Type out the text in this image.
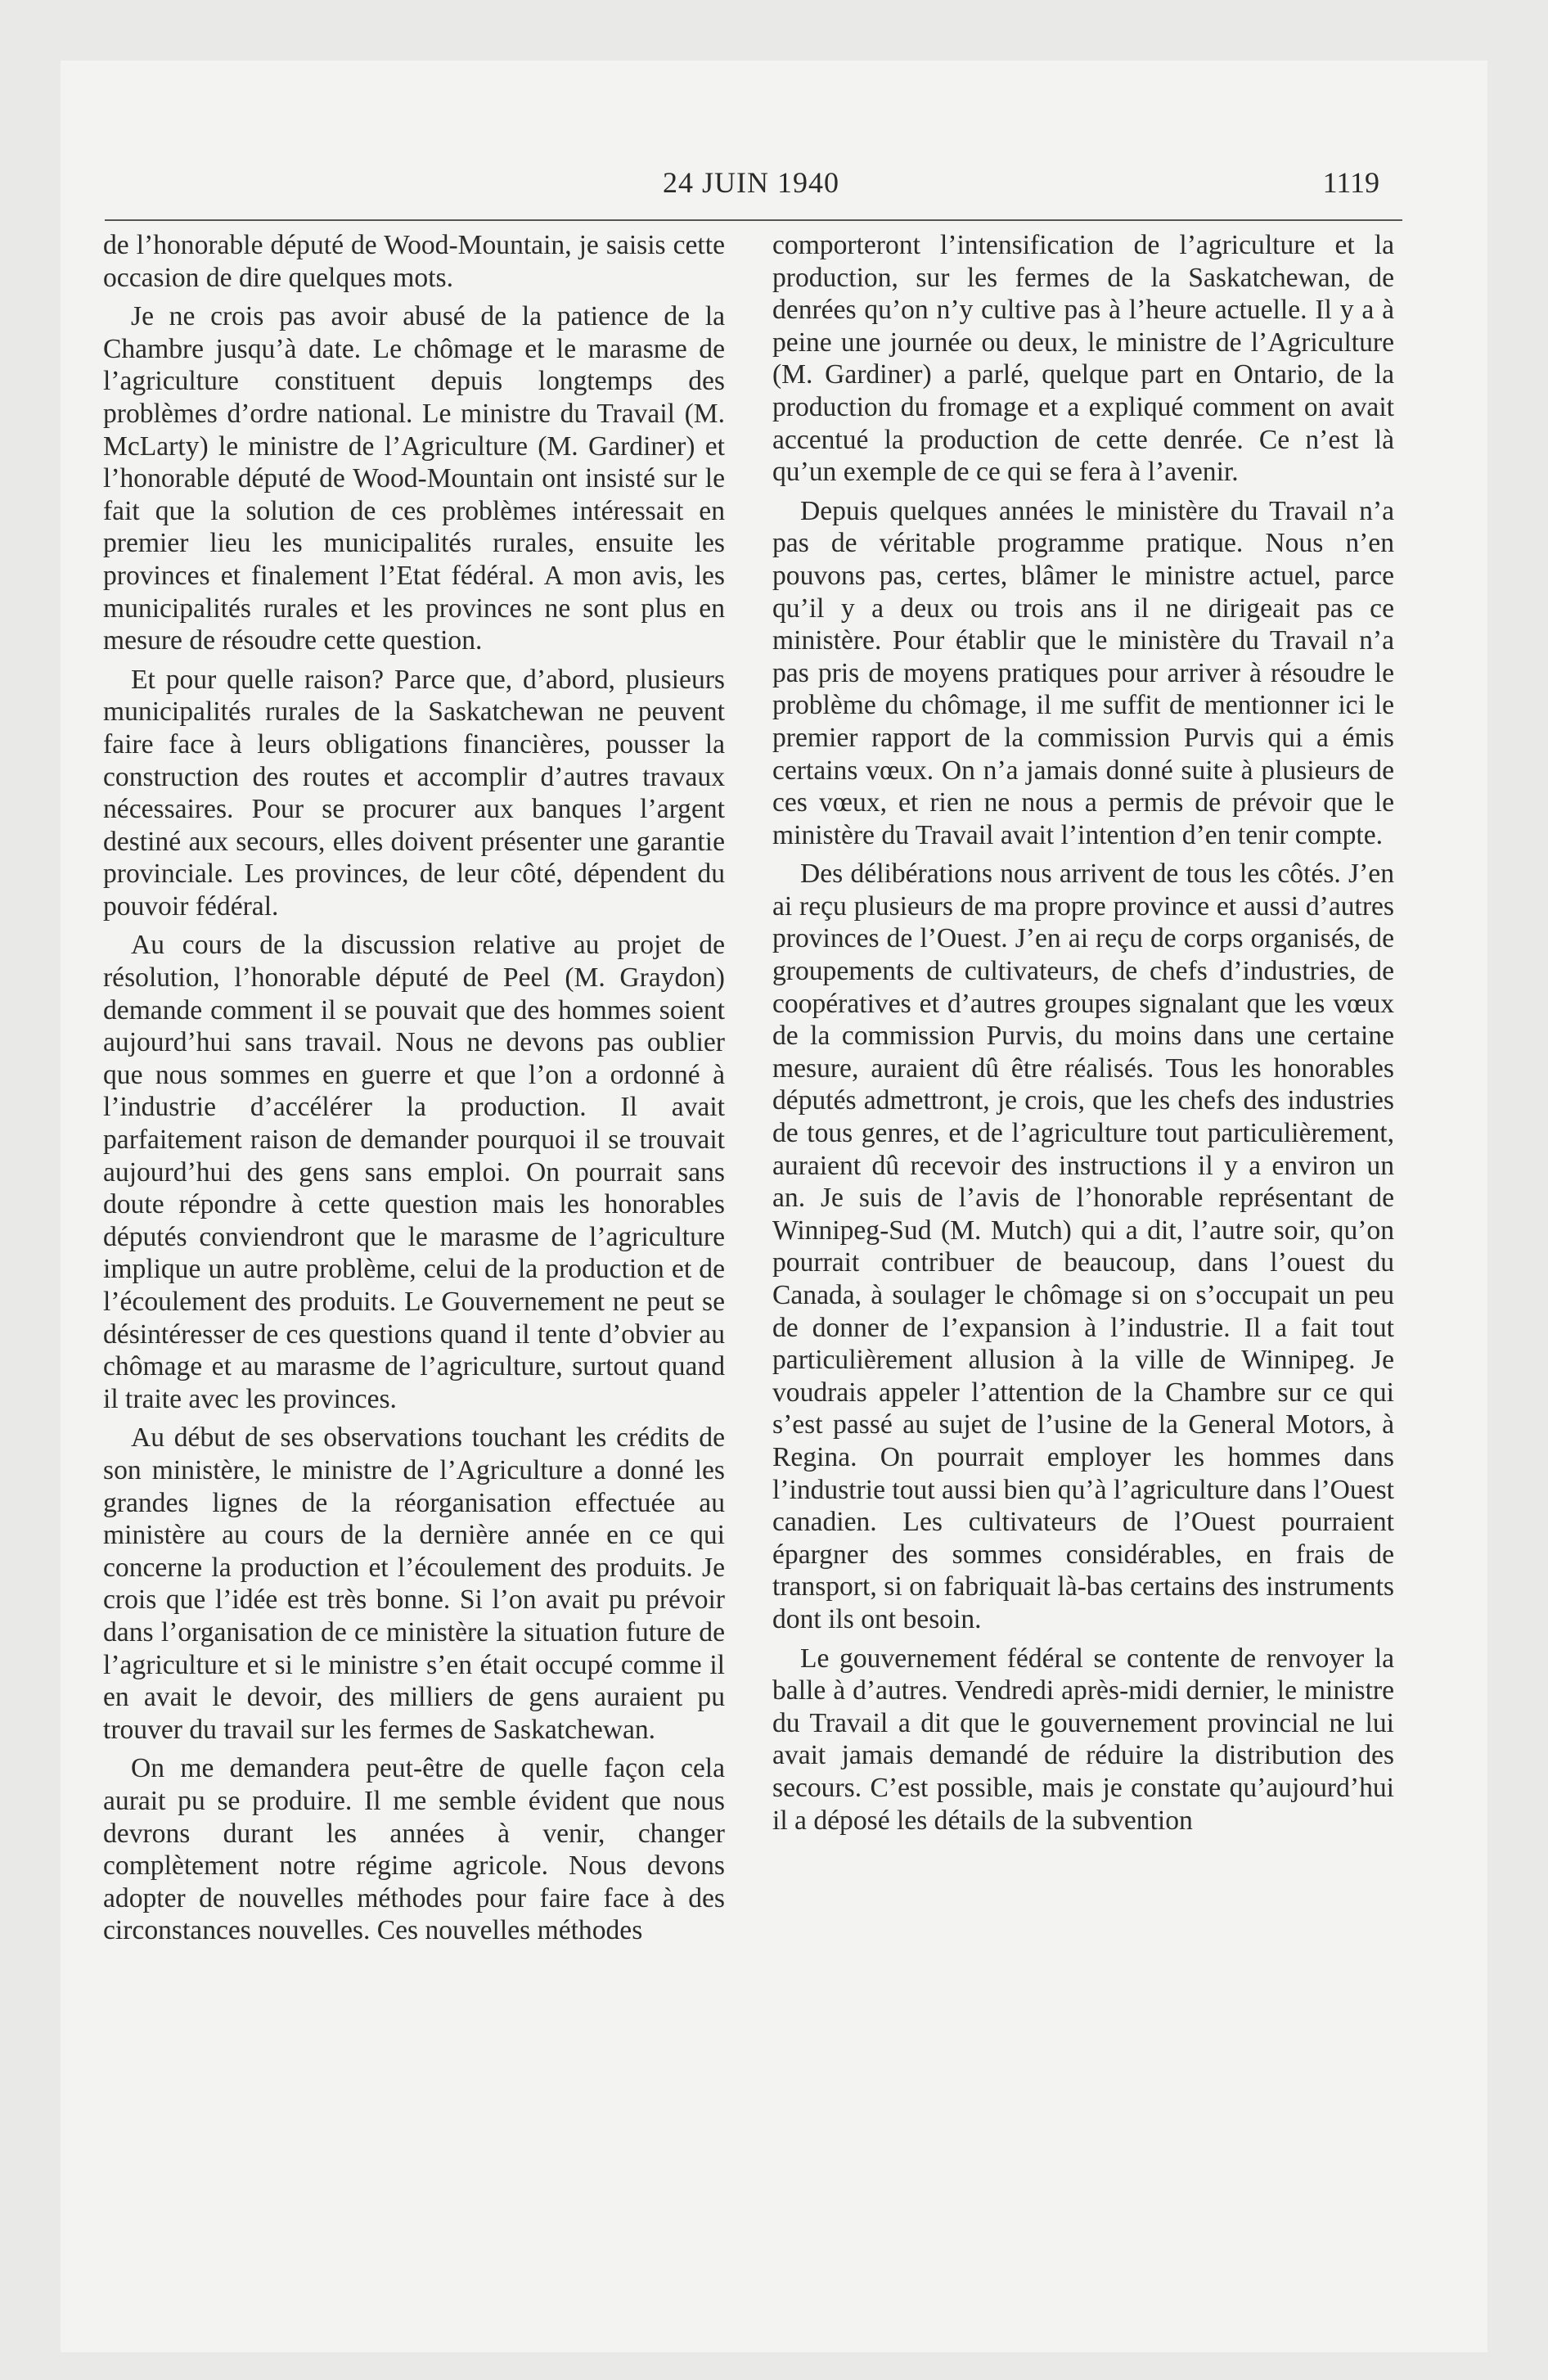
24 JUIN 1940	1119

de l’honorable député de Wood-Mountain, je saisis cette occasion de dire quelques mots.

Je ne crois pas avoir abusé de la patience de la Chambre jusqu’à date. Le chômage et le marasme de l’agriculture constituent depuis longtemps des problèmes d’ordre national. Le ministre du Travail (M. McLarty) le ministre de l’Agriculture (M. Gardiner) et l’honorable député de Wood-Mountain ont insisté sur le fait que la solution de ces problèmes intéressait en premier lieu les municipalités rurales, ensuite les provinces et finalement l’Etat fédéral. A mon avis, les municipalités rurales et les provinces ne sont plus en mesure de résoudre cette question.

Et pour quelle raison? Parce que, d’abord, plusieurs municipalités rurales de la Saskatchewan ne peuvent faire face à leurs obligations financières, pousser la construction des routes et accomplir d’autres travaux nécessaires. Pour se procurer aux banques l’argent destiné aux secours, elles doivent présenter une garantie provinciale. Les provinces, de leur côté, dépendent du pouvoir fédéral.

Au cours de la discussion relative au projet de résolution, l’honorable député de Peel (M. Graydon) demande comment il se pouvait que des hommes soient aujourd’hui sans travail. Nous ne devons pas oublier que nous sommes en guerre et que l’on a ordonné à l’industrie d’accélérer la production. Il avait parfaitement raison de demander pourquoi il se trouvait aujourd’hui des gens sans emploi. On pourrait sans doute répondre à cette question mais les honorables députés conviendront que le marasme de l’agriculture implique un autre problème, celui de la production et de l’écoulement des produits. Le Gouvernement ne peut se désintéresser de ces questions quand il tente d’obvier au chômage et au marasme de l’agriculture, surtout quand il traite avec les provinces.

Au début de ses observations touchant les crédits de son ministère, le ministre de l’Agriculture a donné les grandes lignes de la réorganisation effectuée au ministère au cours de la dernière année en ce qui concerne la production et l’écoulement des produits. Je crois que l’idée est très bonne. Si l’on avait pu prévoir dans l’organisation de ce ministère la situation future de l’agriculture et si le ministre s’en était occupé comme il en avait le devoir, des milliers de gens auraient pu trouver du travail sur les fermes de Saskatchewan.

On me demandera peut-être de quelle façon cela aurait pu se produire. Il me semble évident que nous devrons durant les années à venir, changer complètement notre régime agricole. Nous devons adopter de nouvelles méthodes pour faire face à des circonstances nouvelles. Ces nouvelles méthodes

comporteront l’intensification de l’agriculture et la production, sur les fermes de la Saskatchewan, de denrées qu’on n’y cultive pas à l’heure actuelle. Il y a à peine une journée ou deux, le ministre de l’Agriculture (M. Gardiner) a parlé, quelque part en Ontario, de la production du fromage et a expliqué comment on avait accentué la production de cette denrée. Ce n’est là qu’un exemple de ce qui se fera à l’avenir.

Depuis quelques années le ministère du Travail n’a pas de véritable programme pratique. Nous n’en pouvons pas, certes, blâmer le ministre actuel, parce qu’il y a deux ou trois ans il ne dirigeait pas ce ministère. Pour établir que le ministère du Travail n’a pas pris de moyens pratiques pour arriver à résoudre le problème du chômage, il me suffit de mentionner ici le premier rapport de la commission Purvis qui a émis certains vœux. On n’a jamais donné suite à plusieurs de ces vœux, et rien ne nous a permis de prévoir que le ministère du Travail avait l’intention d’en tenir compte.

Des délibérations nous arrivent de tous les côtés. J’en ai reçu plusieurs de ma propre province et aussi d’autres provinces de l’Ouest. J’en ai reçu de corps organisés, de groupements de cultivateurs, de chefs d’industries, de coopératives et d’autres groupes signalant que les vœux de la commission Purvis, du moins dans une certaine mesure, auraient dû être réalisés. Tous les honorables députés admettront, je crois, que les chefs des industries de tous genres, et de l’agriculture tout particulièrement, auraient dû recevoir des instructions il y a environ un an. Je suis de l’avis de l’honorable représentant de Winnipeg-Sud (M. Mutch) qui a dit, l’autre soir, qu’on pourrait contribuer de beaucoup, dans l’ouest du Canada, à soulager le chômage si on s’occupait un peu de donner de l’expansion à l’industrie. Il a fait tout particulièrement allusion à la ville de Winnipeg. Je voudrais appeler l’attention de la Chambre sur ce qui s’est passé au sujet de l’usine de la General Motors, à Regina. On pourrait employer les hommes dans l’industrie tout aussi bien qu’à l’agriculture dans l’Ouest canadien. Les cultivateurs de l’Ouest pourraient épargner des sommes considérables, en frais de transport, si on fabriquait là-bas certains des instruments dont ils ont besoin.

Le gouvernement fédéral se contente de renvoyer la balle à d’autres. Vendredi après-midi dernier, le ministre du Travail a dit que le gouvernement provincial ne lui avait jamais demandé de réduire la distribution des secours. C’est possible, mais je constate qu’aujourd’hui il a déposé les détails de la subvention
